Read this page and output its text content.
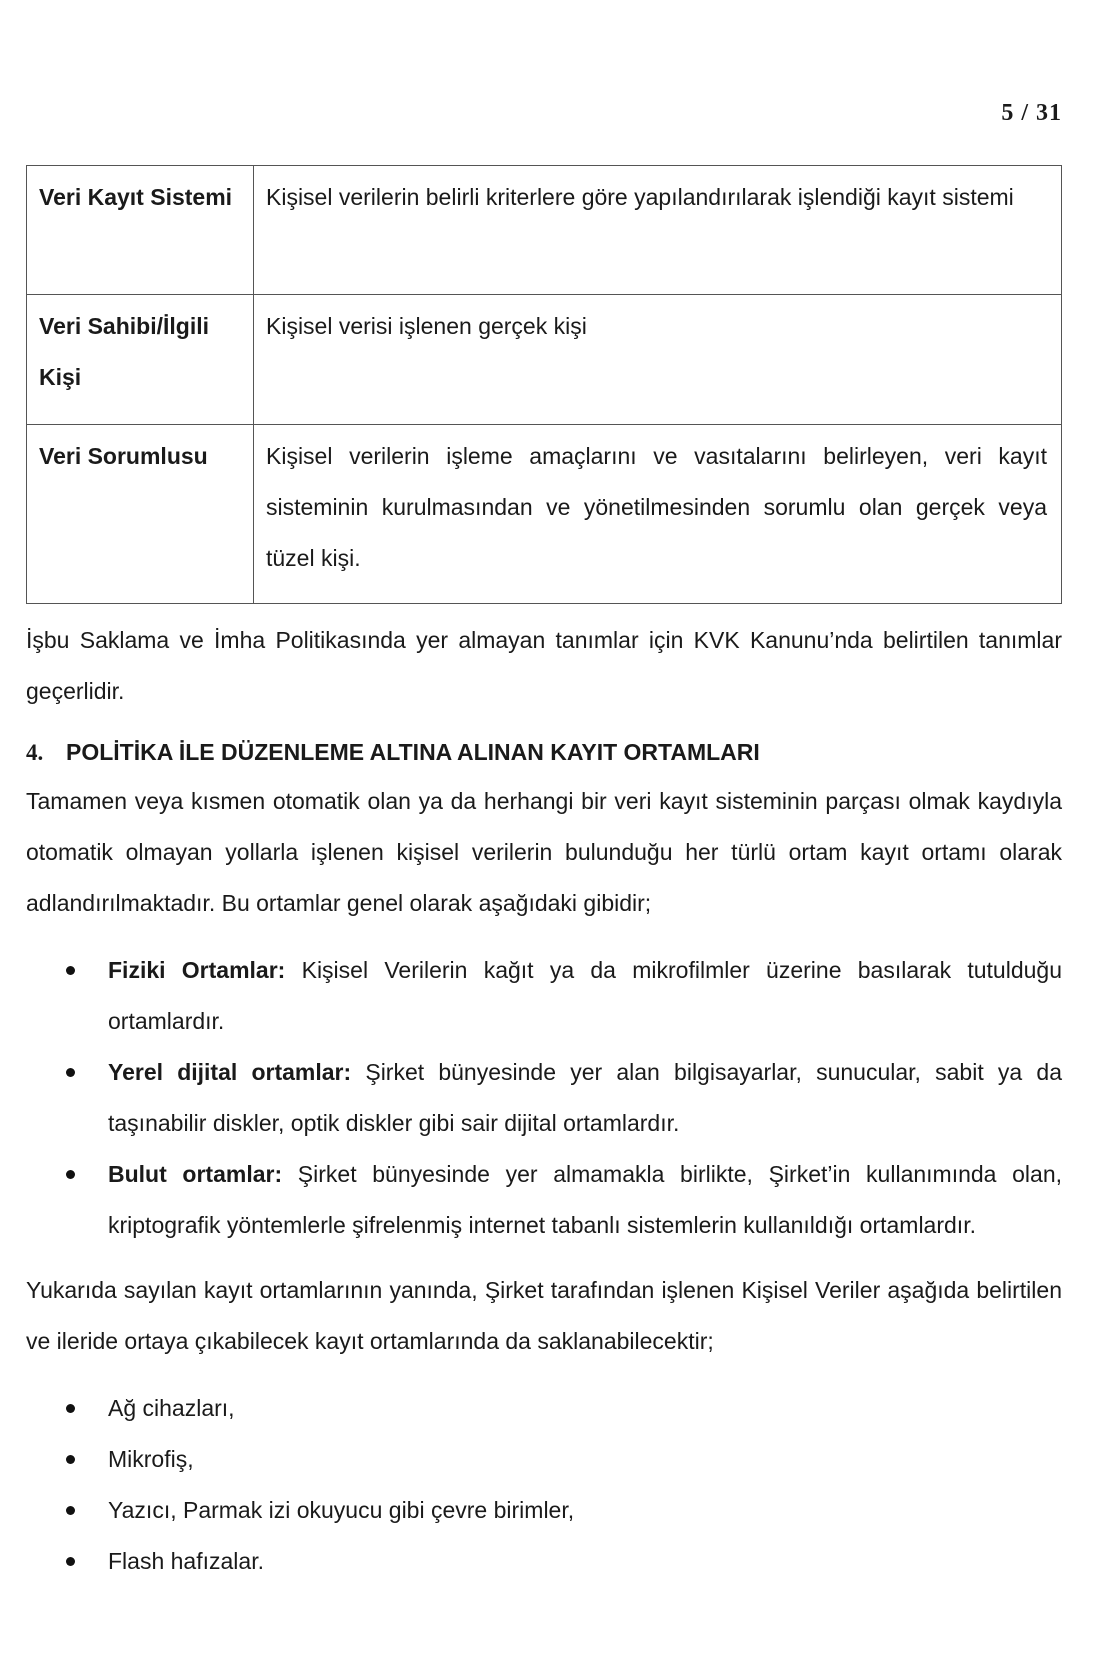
5 / 31
Veri Kayıt Sistemi	Kişisel verilerin belirli kriterlere göre yapılandırılarak işlendiği kayıt sistemi
Veri Sahibi/İlgili Kişi	Kişisel verisi işlenen gerçek kişi
Veri Sorumlusu	Kişisel verilerin işleme amaçlarını ve vasıtalarını belirleyen, veri kayıt sisteminin kurulmasından ve yönetilmesinden sorumlu olan gerçek veya tüzel kişi.

İşbu Saklama ve İmha Politikasında yer almayan tanımlar için KVK Kanunu’nda belirtilen tanımlar geçerlidir.

4. POLİTİKA İLE DÜZENLEME ALTINA ALINAN KAYIT ORTAMLARI

Tamamen veya kısmen otomatik olan ya da herhangi bir veri kayıt sisteminin parçası olmak kaydıyla otomatik olmayan yollarla işlenen kişisel verilerin bulunduğu her türlü ortam kayıt ortamı olarak adlandırılmaktadır. Bu ortamlar genel olarak aşağıdaki gibidir;

Fiziki Ortamlar: Kişisel Verilerin kağıt ya da mikrofilmler üzerine basılarak tutulduğu ortamlardır.
Yerel dijital ortamlar: Şirket bünyesinde yer alan bilgisayarlar, sunucular, sabit ya da taşınabilir diskler, optik diskler gibi sair dijital ortamlardır.
Bulut ortamlar: Şirket bünyesinde yer almamakla birlikte, Şirket’in kullanımında olan, kriptografik yöntemlerle şifrelenmiş internet tabanlı sistemlerin kullanıldığı ortamlardır.

Yukarıda sayılan kayıt ortamlarının yanında, Şirket tarafından işlenen Kişisel Veriler aşağıda belirtilen ve ileride ortaya çıkabilecek kayıt ortamlarında da saklanabilecektir;

Ağ cihazları,
Mikrofiş,
Yazıcı, Parmak izi okuyucu gibi çevre birimler,
Flash hafızalar.
